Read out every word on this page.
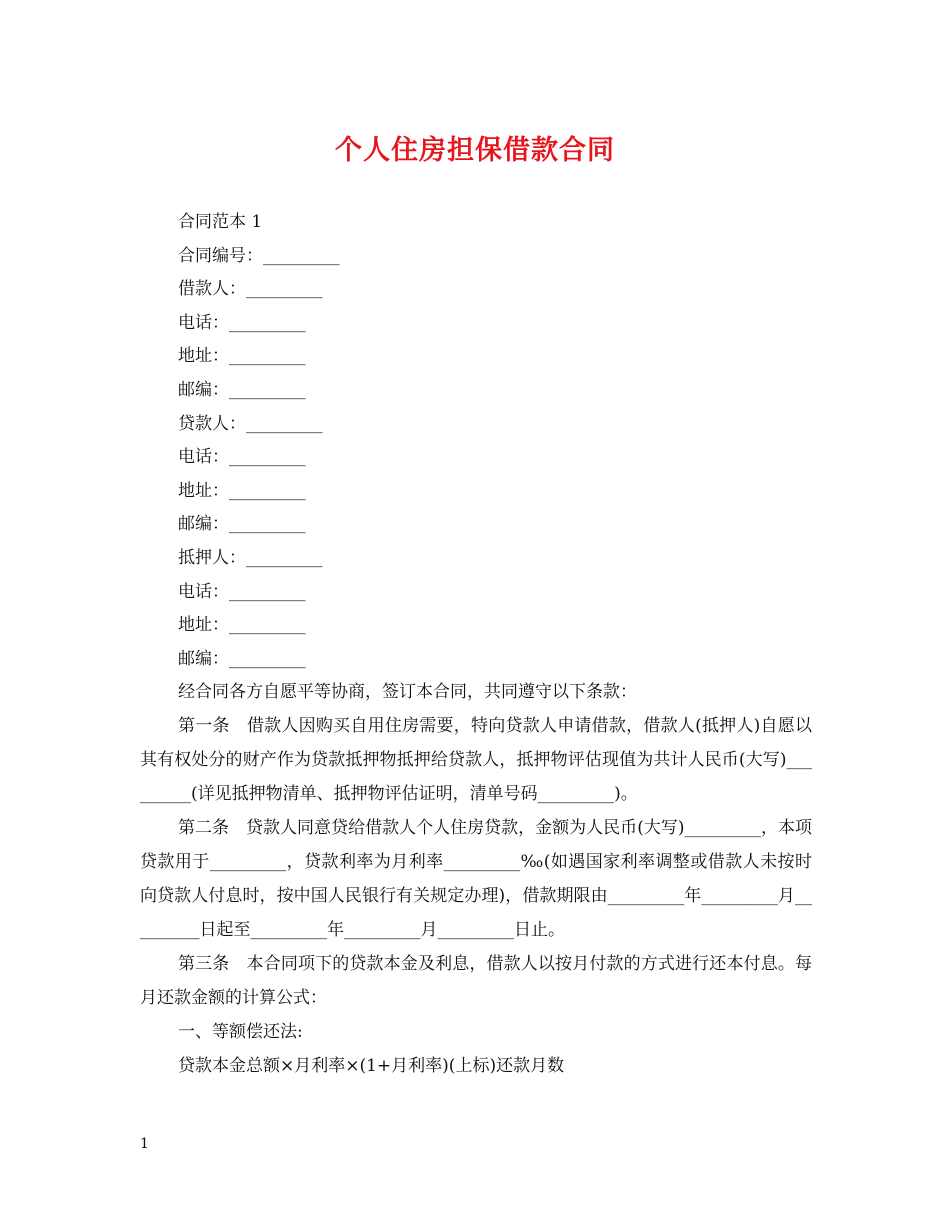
个人住房担保借款合同
合同范本 1
合同编号：_________
借款人：_________
电话：_________
地址：_________
邮编：_________
贷款人：_________
电话：_________
地址：_________
邮编：_________
抵押人：_________
电话：_________
地址：_________
邮编：_________

经合同各方自愿平等协商，签订本合同，共同遵守以下条款：

第一条　借款人因购买自用住房需要，特向贷款人申请借款，借款人(抵押人)自愿以其有权处分的财产作为贷款抵押物抵押给贷款人，抵押物评估现值为共计人民币(大写)_________(详见抵押物清单、抵押物评估证明，清单号码_________)。

第二条　贷款人同意贷给借款人个人住房贷款，金额为人民币(大写)_________，本项贷款用于_________，贷款利率为月利率_________‰(如遇国家利率调整或借款人未按时向贷款人付息时，按中国人民银行有关规定办理)，借款期限由_________年_________月_________日起至_________年_________月_________日止。

第三条　本合同项下的贷款本金及利息，借款人以按月付款的方式进行还本付息。每月还款金额的计算公式：

一、等额偿还法:

贷款本金总额×月利率×(1+月利率)(上标)还款月数

1
